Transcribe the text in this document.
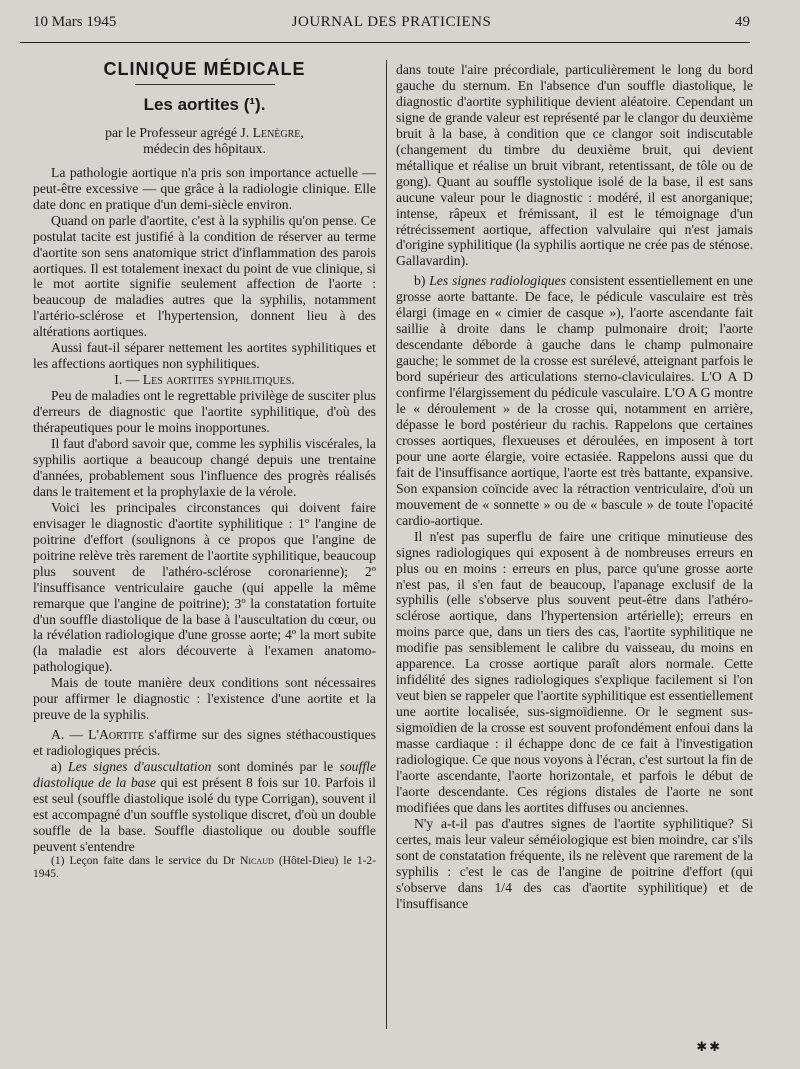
10 Mars 1945	JOURNAL DES PRATICIENS	49
CLINIQUE MÉDICALE
Les aortites (¹).
par le Professeur agrégé J. Lenègre,
médecin des hôpitaux.

La pathologie aortique n'a pris son importance actuelle — peut-être excessive — que grâce à la radiologie clinique. Elle date donc en pratique d'un demi-siècle environ.

Quand on parle d'aortite, c'est à la syphilis qu'on pense. Ce postulat tacite est justifié à la condition de réserver au terme d'aortite son sens anatomique strict d'inflammation des parois aortiques. Il est totalement inexact du point de vue clinique, si le mot aortite signifie seulement affection de l'aorte : beaucoup de maladies autres que la syphilis, notamment l'artério-sclérose et l'hypertension, donnent lieu à des altérations aortiques.

Aussi faut-il séparer nettement les aortites syphilitiques et les affections aortiques non syphilitiques.

I. — Les aortites syphilitiques.

Peu de maladies ont le regrettable privilège de susciter plus d'erreurs de diagnostic que l'aortite syphilitique, d'où des thérapeutiques pour le moins inopportunes.

Il faut d'abord savoir que, comme les syphilis viscérales, la syphilis aortique a beaucoup changé depuis une trentaine d'années, probablement sous l'influence des progrès réalisés dans le traitement et la prophylaxie de la vérole.

Voici les principales circonstances qui doivent faire envisager le diagnostic d'aortite syphilitique : 1º l'angine de poitrine d'effort (soulignons à ce propos que l'angine de poitrine relève très rarement de l'aortite syphilitique, beaucoup plus souvent de l'athéro-sclérose coronarienne); 2º l'insuffisance ventriculaire gauche (qui appelle la même remarque que l'angine de poitrine); 3º la constatation fortuite d'un souffle diastolique de la base à l'auscultation du cœur, ou la révélation radiologique d'une grosse aorte; 4º la mort subite (la maladie est alors découverte à l'examen anatomo-pathologique).

Mais de toute manière deux conditions sont nécessaires pour affirmer le diagnostic : l'existence d'une aortite et la preuve de la syphilis.

A. — L'Aortite s'affirme sur des signes stéthacoustiques et radiologiques précis.

a) Les signes d'auscultation sont dominés par le souffle diastolique de la base qui est présent 8 fois sur 10. Parfois il est seul (souffle diastolique isolé du type Corrigan), souvent il est accompagné d'un souffle systolique discret, d'où un double souffle de la base. Souffle diastolique ou double souffle peuvent s'entendre

(1) Leçon faite dans le service du Dr Nicaud (Hôtel-Dieu) le 1-2-1945.

dans toute l'aire précordiale, particulièrement le long du bord gauche du sternum. En l'absence d'un souffle diastolique, le diagnostic d'aortite syphilitique devient aléatoire. Cependant un signe de grande valeur est représenté par le clangor du deuxième bruit à la base, à condition que ce clangor soit indiscutable (changement du timbre du deuxième bruit, qui devient métallique et réalise un bruit vibrant, retentissant, de tôle ou de gong). Quant au souffle systolique isolé de la base, il est sans aucune valeur pour le diagnostic : modéré, il est anorganique; intense, râpeux et frémissant, il est le témoignage d'un rétrécissement aortique, affection valvulaire qui n'est jamais d'origine syphilitique (la syphilis aortique ne crée pas de sténose. Gallavardin).

b) Les signes radiologiques consistent essentiellement en une grosse aorte battante. De face, le pédicule vasculaire est très élargi (image en « cimier de casque »), l'aorte ascendante fait saillie à droite dans le champ pulmonaire droit; l'aorte descendante déborde à gauche dans le champ pulmonaire gauche; le sommet de la crosse est surélevé, atteignant parfois le bord supérieur des articulations sterno-claviculaires. L'O A D confirme l'élargissement du pédicule vasculaire. L'O A G montre le « déroulement » de la crosse qui, notamment en arrière, dépasse le bord postérieur du rachis. Rappelons que certaines crosses aortiques, flexueuses et déroulées, en imposent à tort pour une aorte élargie, voire ectasiée. Rappelons aussi que du fait de l'insuffisance aortique, l'aorte est très battante, expansive. Son expansion coïncide avec la rétraction ventriculaire, d'où un mouvement de « sonnette » ou de « bascule » de toute l'opacité cardio-aortique.

Il n'est pas superflu de faire une critique minutieuse des signes radiologiques qui exposent à de nombreuses erreurs en plus ou en moins : erreurs en plus, parce qu'une grosse aorte n'est pas, il s'en faut de beaucoup, l'apanage exclusif de la syphilis (elle s'observe plus souvent peut-être dans l'athéro-sclérose aortique, dans l'hypertension artérielle); erreurs en moins parce que, dans un tiers des cas, l'aortite syphilitique ne modifie pas sensiblement le calibre du vaisseau, du moins en apparence. La crosse aortique paraît alors normale. Cette infidélité des signes radiologiques s'explique facilement si l'on veut bien se rappeler que l'aortite syphilitique est essentiellement une aortite localisée, sus-sigmoïdienne. Or le segment sus-sigmoïdien de la crosse est souvent profondément enfoui dans la masse cardiaque : il échappe donc de ce fait à l'investigation radiologique. Ce que nous voyons à l'écran, c'est surtout la fin de l'aorte ascendante, l'aorte horizontale, et parfois le début de l'aorte descendante. Ces régions distales de l'aorte ne sont modifiées que dans les aortites diffuses ou anciennes.

N'y a-t-il pas d'autres signes de l'aortite syphilitique? Si certes, mais leur valeur séméiologique est bien moindre, car s'ils sont de constatation fréquente, ils ne relèvent que rarement de la syphilis : c'est le cas de l'angine de poitrine d'effort (qui s'observe dans 1/4 des cas d'aortite syphilitique) et de l'insuffisance

✱✱
